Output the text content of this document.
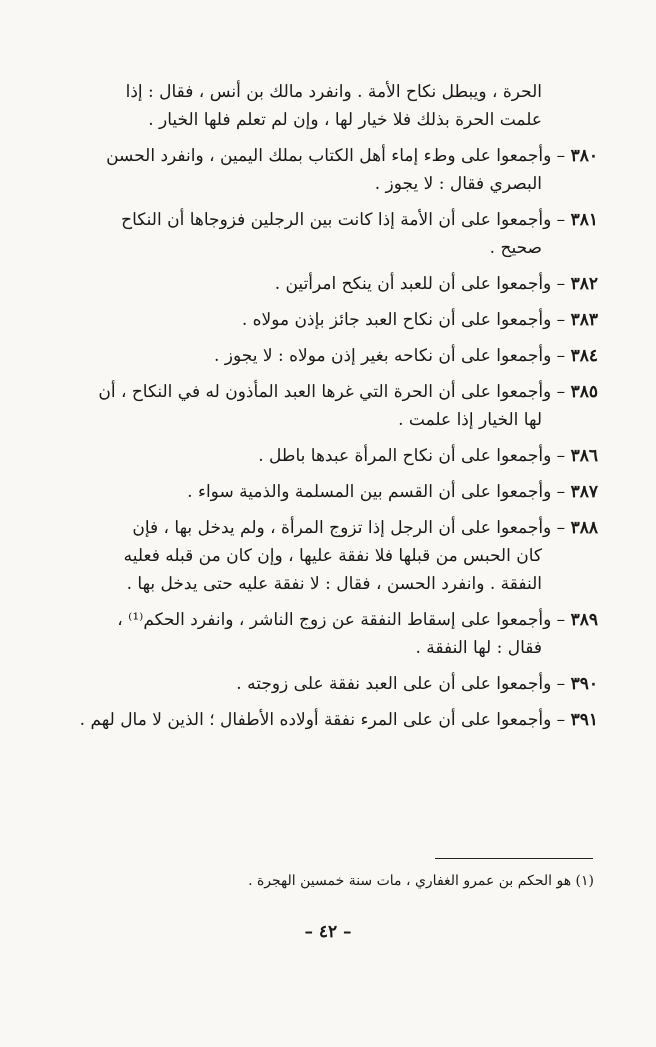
الحرة ، ويبطل نكاح الأمة . وانفرد مالك بن أنس ، فقال : إذا
علمت الحرة بذلك فلا خيار لها ، وإن لم تعلم فلها الخيار .
٣٨٠ – وأجمعوا على وطء إماء أهل الكتاب بملك اليمين ، وانفرد الحسن
البصري فقال : لا يجوز .
٣٨١ – وأجمعوا على أن الأمة إذا كانت بين الرجلين فزوجاها أن النكاح
صحيح .
٣٨٢ – وأجمعوا على أن للعبد أن ينكح امرأتين .
٣٨٣ – وأجمعوا على أن نكاح العبد جائز بإذن مولاه .
٣٨٤ – وأجمعوا على أن نكاحه بغير إذن مولاه : لا يجوز .
٣٨٥ – وأجمعوا على أن الحرة التي غرها العبد المأذون له في النكاح ، أن
لها الخيار إذا علمت .
٣٨٦ – وأجمعوا على أن نكاح المرأة عبدها باطل .
٣٨٧ – وأجمعوا على أن القسم بين المسلمة والذمية سواء .
٣٨٨ – وأجمعوا على أن الرجل إذا تزوج المرأة ، ولم يدخل بها ، فإن
كان الحبس من قبلها فلا نفقة عليها ، وإن كان من قبله فعليه
النفقة . وانفرد الحسن ، فقال : لا نفقة عليه حتى يدخل بها .
٣٨٩ – وأجمعوا على إسقاط النفقة عن زوج الناشر ، وانفرد الحكم⁽¹⁾ ،
فقال : لها النفقة .
٣٩٠ – وأجمعوا على أن على العبد نفقة على زوجته .
٣٩١ – وأجمعوا على أن على المرء نفقة أولاده الأطفال ؛ الذين لا مال لهم .
(١) هو الحكم بن عمرو الغفاري ، مات سنة خمسين الهجرة .
– ٤٢ –
